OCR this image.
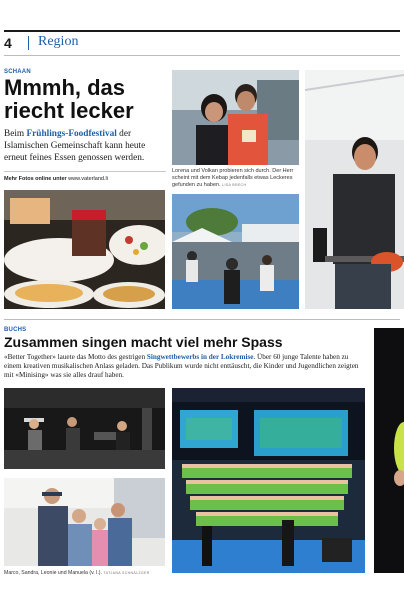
4 Region
SCHAAN
Mmmh, das
riecht lecker
Beim Frühlings-Foodfestival der Islamischen Gemeinschaft kann heute erneut feines Essen genossen werden.
Mehr Fotos online unter www.vaterland.li
Lorena und Volkan probieren sich durch. Der Herr scheint mit dem Kebap jedenfalls etwas Leckeres gefunden zu haben. LISA BRECH
BUCHS
Zusammen singen macht viel mehr Spass
«Better Together» lauete das Motto des gestrigen Singwettbewerbs in der Lokremise. Über 60 junge Talente haben zu einem kreativen musikalischen Anlass geladen. Das Publikum wurde nicht enttäuscht, die Kinder und Jugendlichen zeigten mit «Minising» was sie alles drauf haben.
Marco, Sandra, Leonie und Manuela (v. l.). TATJANA SCHNALZGER
